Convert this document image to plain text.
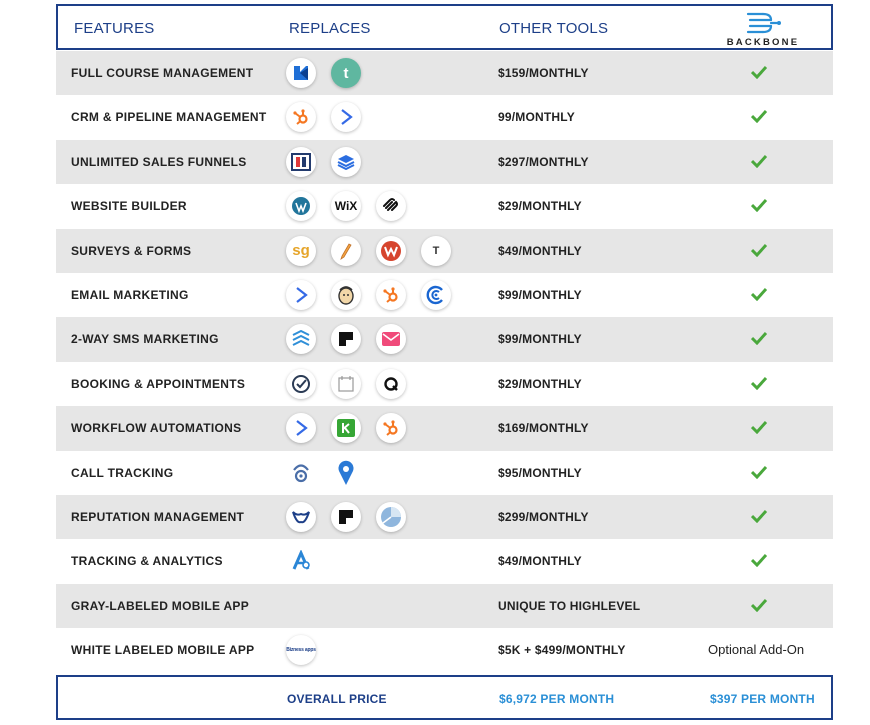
FEATURES	REPLACES	OTHER TOOLS
BACKBONE
FULL COURSE MANAGEMENT	t	$159/MONTHLY
CRM & PIPELINE MANAGEMENT	99/MONTHLY
UNLIMITED SALES FUNNELS	$297/MONTHLY
WEBSITE BUILDER	WiX	$29/MONTHLY
SURVEYS & FORMS	sg	T	$49/MONTHLY
EMAIL MARKETING	$99/MONTHLY
2-WAY SMS MARKETING	$99/MONTHLY
BOOKING & APPOINTMENTS	$29/MONTHLY
WORKFLOW AUTOMATIONS	$169/MONTHLY
CALL TRACKING	$95/MONTHLY
REPUTATION MANAGEMENT	$299/MONTHLY
TRACKING & ANALYTICS	$49/MONTHLY
GRAY-LABELED MOBILE APP	UNIQUE TO HIGHLEVEL
WHITE LABELED MOBILE APP	Bizness apps	$5K + $499/MONTHLY	Optional Add-On
OVERALL PRICE	$6,972 PER MONTH	$397 PER MONTH
